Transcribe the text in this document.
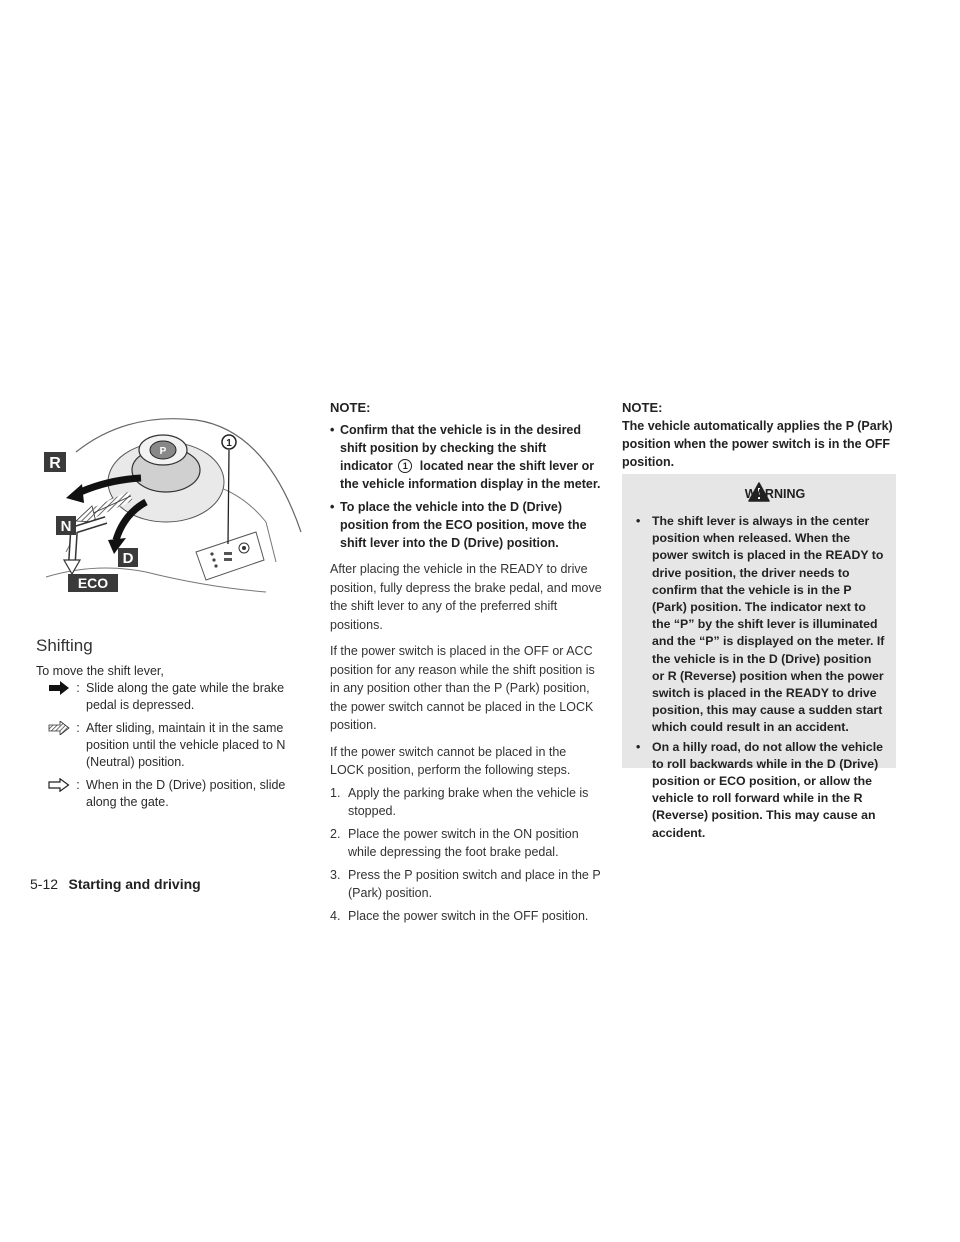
1
P
R
N
D
ECO
Shifting
To move the shift lever,
: Slide along the gate while the brake pedal is depressed.
: After sliding, maintain it in the same position until the vehicle placed to N (Neutral) position.
: When in the D (Drive) position, slide along the gate.
NOTE:
• Confirm that the vehicle is in the desired shift position by checking the shift indicator 1 located near the shift lever or the vehicle information display in the meter.
• To place the vehicle into the D (Drive) position from the ECO position, move the shift lever into the D (Drive) position.
After placing the vehicle in the READY to drive position, fully depress the brake pedal, and move the shift lever to any of the preferred shift positions.
If the power switch is placed in the OFF or ACC position for any reason while the shift position is in any position other than the P (Park) position, the power switch cannot be placed in the LOCK position.
If the power switch cannot be placed in the LOCK position, perform the following steps.
1. Apply the parking brake when the vehicle is stopped.
2. Place the power switch in the ON position while depressing the foot brake pedal.
3. Press the P position switch and place in the P (Park) position.
4. Place the power switch in the OFF position.
NOTE:
The vehicle automatically applies the P (Park) position when the power switch is in the OFF position.
WARNING
• The shift lever is always in the center position when released. When the power switch is placed in the READY to drive position, the driver needs to confirm that the vehicle is in the P (Park) position. The indicator next to the “P” by the shift lever is illuminated and the “P” is displayed on the meter. If the vehicle is in the D (Drive) position or R (Reverse) position when the power switch is placed in the READY to drive position, this may cause a sudden start which could result in an accident.
• On a hilly road, do not allow the vehicle to roll backwards while in the D (Drive) position or ECO position, or allow the vehicle to roll forward while in the R (Reverse) position. This may cause an accident.
5-12 Starting and driving
